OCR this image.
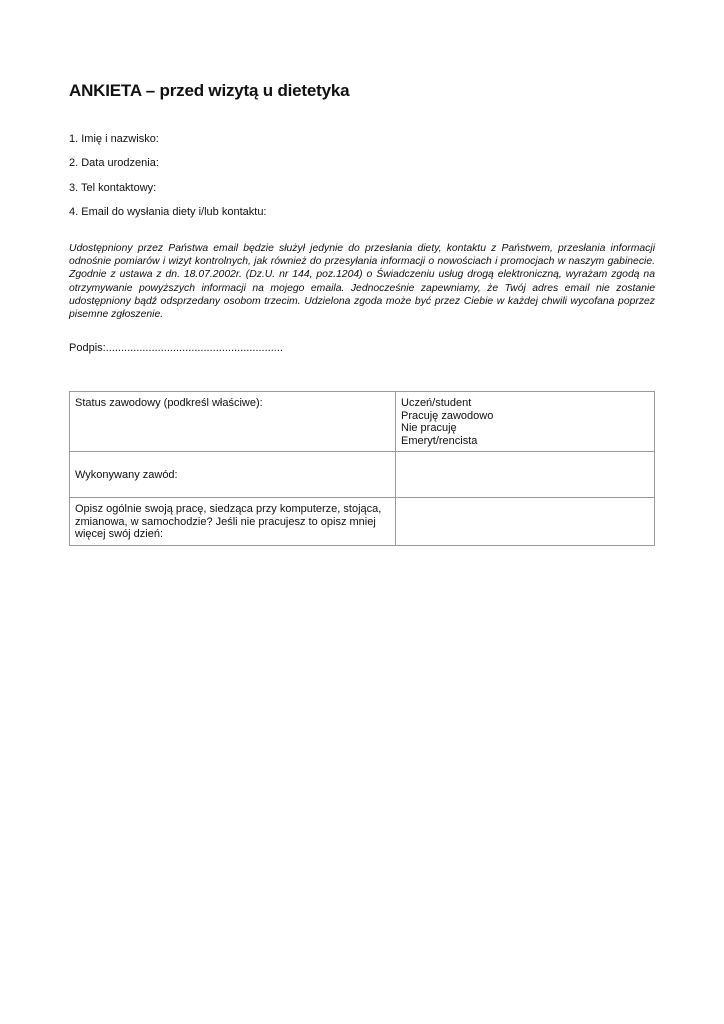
ANKIETA – przed wizytą u dietetyka
1. Imię i nazwisko:
2. Data urodzenia:
3. Tel kontaktowy:
4. Email do wysłania diety i/lub kontaktu:

Udostępniony przez Państwa email będzie służył jedynie do przesłania diety, kontaktu z Państwem, przesłania informacji odnośnie pomiarów i wizyt kontrolnych, jak również do przesyłania informacji o nowościach i promocjach w naszym gabinecie. Zgodnie z ustawa z dn. 18.07.2002r. (Dz.U. nr 144, poz.1204) o Świadczeniu usług drogą elektroniczną, wyrażam zgodą na otrzymywanie powyższych informacji na mojego emaila. Jednocześnie zapewniamy, że Twój adres email nie zostanie udostępniony bądź odsprzedany osobom trzecim. Udzielona zgoda może być przez Ciebie w każdej chwili wycofana poprzez pisemne zgłoszenie.

Podpis:..........................................................
Status zawodowy (podkreśl właściwe):	Uczeń/student
Pracuję zawodowo
Nie pracuję
Emeryt/rencista

Wykonywany zawód:	
Opisz ogólnie swoją pracę, siedząca przy komputerze, stojąca, zmianowa, w samochodzie? Jeśli nie pracujesz to opisz mniej więcej swój dzień:	
